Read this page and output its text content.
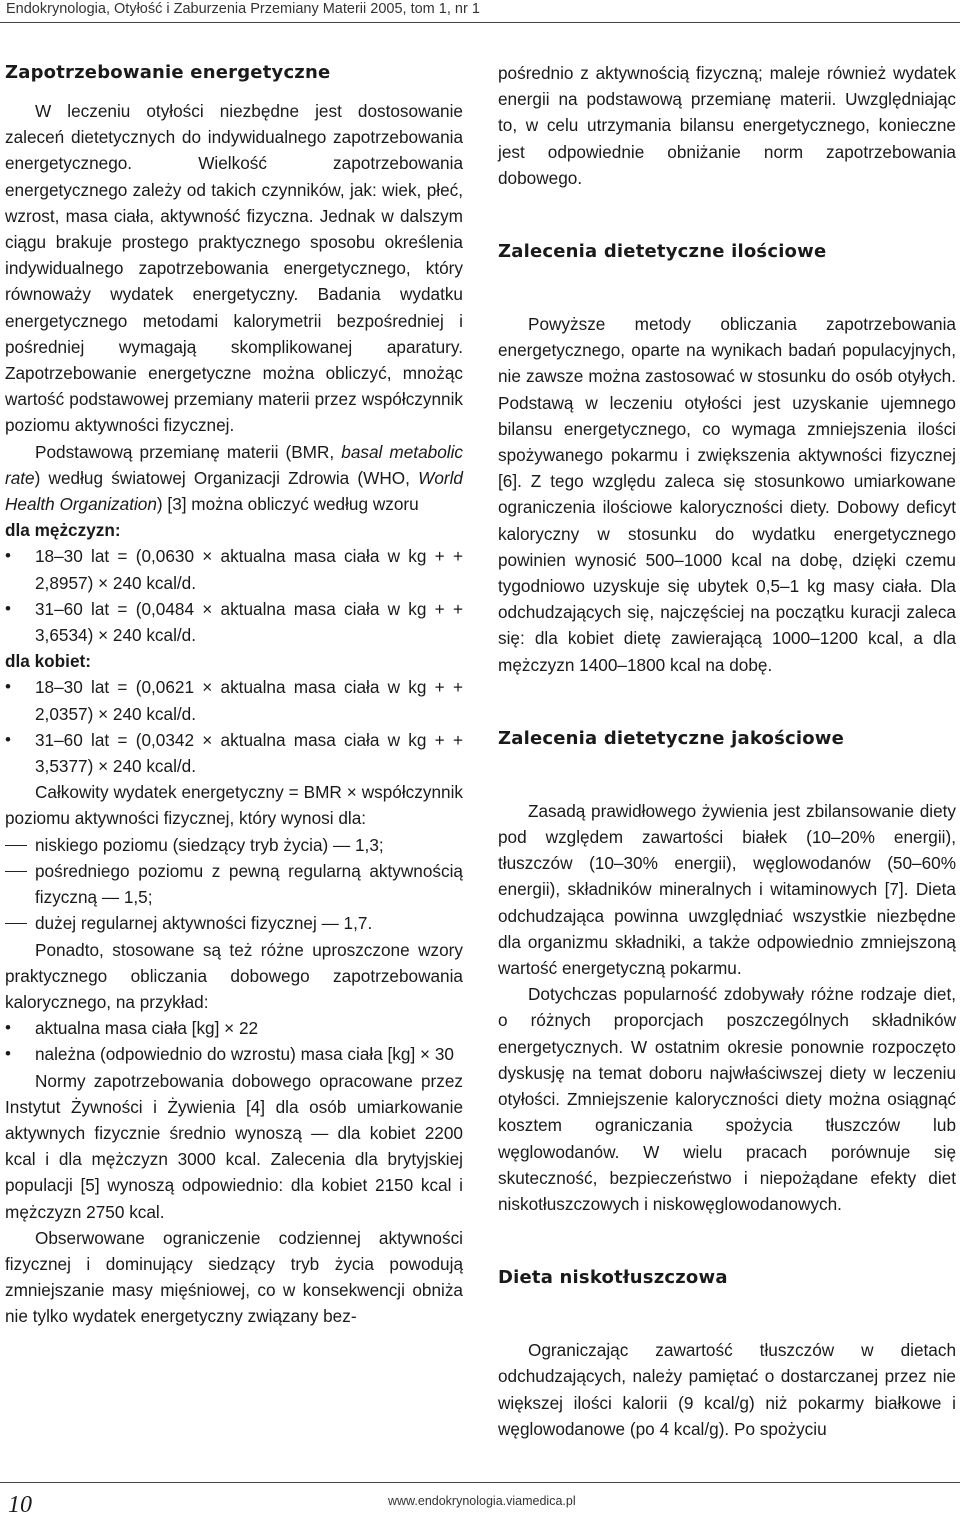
Endokrynologia, Otyłość i Zaburzenia Przemiany Materii 2005, tom 1, nr 1
Zapotrzebowanie energetyczne

W leczeniu otyłości niezbędne jest dostosowanie zaleceń dietetycznych do indywidualnego zapotrzebowania energetycznego. Wielkość zapotrzebowania energetycznego zależy od takich czynników, jak: wiek, płeć, wzrost, masa ciała, aktywność fizyczna. Jednak w dalszym ciągu brakuje prostego praktycznego sposobu określenia indywidualnego zapotrzebowania energetycznego, który równoważy wydatek energetyczny. Badania wydatku energetycznego metodami kalorymetrii bezpośredniej i pośredniej wymagają skomplikowanej aparatury. Zapotrzebowanie energetyczne można obliczyć, mnożąc wartość podstawowej przemiany materii przez współczynnik poziomu aktywności fizycznej.

Podstawową przemianę materii (BMR, basal metabolic rate) według światowej Organizacji Zdrowia (WHO, World Health Organization) [3] można obliczyć według wzoru

dla mężczyzn:

• 18–30 lat = (0,0630 × aktualna masa ciała w kg + + 2,8957) × 240 kcal/d.
• 31–60 lat = (0,0484 × aktualna masa ciała w kg + + 3,6534) × 240 kcal/d.

dla kobiet:

• 18–30 lat = (0,0621 × aktualna masa ciała w kg + + 2,0357) × 240 kcal/d.
• 31–60 lat = (0,0342 × aktualna masa ciała w kg + + 3,5377) × 240 kcal/d.

Całkowity wydatek energetyczny = BMR × współczynnik poziomu aktywności fizycznej, który wynosi dla:

niskiego poziomu (siedzący tryb życia) — 1,3;
pośredniego poziomu z pewną regularną aktywnością fizyczną — 1,5;
dużej regularnej aktywności fizycznej — 1,7.

Ponadto, stosowane są też różne uproszczone wzory praktycznego obliczania dobowego zapotrzebowania kalorycznego, na przykład:

• aktualna masa ciała [kg] × 22
• należna (odpowiednio do wzrostu) masa ciała [kg] × 30

Normy zapotrzebowania dobowego opracowane przez Instytut Żywności i Żywienia [4] dla osób umiarkowanie aktywnych fizycznie średnio wynoszą — dla kobiet 2200 kcal i dla mężczyzn 3000 kcal. Zalecenia dla brytyjskiej populacji [5] wynoszą odpowiednio: dla kobiet 2150 kcal i mężczyzn 2750 kcal.

Obserwowane ograniczenie codziennej aktywności fizycznej i dominujący siedzący tryb życia powodują zmniejszanie masy mięśniowej, co w konsekwencji obniża nie tylko wydatek energetyczny związany bez-

pośrednio z aktywnością fizyczną; maleje również wydatek energii na podstawową przemianę materii. Uwzględniając to, w celu utrzymania bilansu energetycznego, konieczne jest odpowiednie obniżanie norm zapotrzebowania dobowego.

Zalecenia dietetyczne ilościowe

Powyższe metody obliczania zapotrzebowania energetycznego, oparte na wynikach badań populacyjnych, nie zawsze można zastosować w stosunku do osób otyłych. Podstawą w leczeniu otyłości jest uzyskanie ujemnego bilansu energetycznego, co wymaga zmniejszenia ilości spożywanego pokarmu i zwiększenia aktywności fizycznej [6]. Z tego względu zaleca się stosunkowo umiarkowane ograniczenia ilościowe kaloryczności diety. Dobowy deficyt kaloryczny w stosunku do wydatku energetycznego powinien wynosić 500–1000 kcal na dobę, dzięki czemu tygodniowo uzyskuje się ubytek 0,5–1 kg masy ciała. Dla odchudzających się, najczęściej na początku kuracji zaleca się: dla kobiet dietę zawierającą 1000–1200 kcal, a dla mężczyzn 1400–1800 kcal na dobę.

Zalecenia dietetyczne jakościowe

Zasadą prawidłowego żywienia jest zbilansowanie diety pod względem zawartości białek (10–20% energii), tłuszczów (10–30% energii), węglowodanów (50–60% energii), składników mineralnych i witaminowych [7]. Dieta odchudzająca powinna uwzględniać wszystkie niezbędne dla organizmu składniki, a także odpowiednio zmniejszoną wartość energetyczną pokarmu.

Dotychczas popularność zdobywały różne rodzaje diet, o różnych proporcjach poszczególnych składników energetycznych. W ostatnim okresie ponownie rozpoczęto dyskusję na temat doboru najwłaściwszej diety w leczeniu otyłości. Zmniejszenie kaloryczności diety można osiągnąć kosztem ograniczania spożycia tłuszczów lub węglowodanów. W wielu pracach porównuje się skuteczność, bezpieczeństwo i niepożądane efekty diet niskotłuszczowych i niskowęglowodanowych.

Dieta niskotłuszczowa

Ograniczając zawartość tłuszczów w dietach odchudzających, należy pamiętać o dostarczanej przez nie większej ilości kalorii (9 kcal/g) niż pokarmy białkowe i węglowodanowe (po 4 kcal/g). Po spożyciu

10	www.endokrynologia.viamedica.pl
